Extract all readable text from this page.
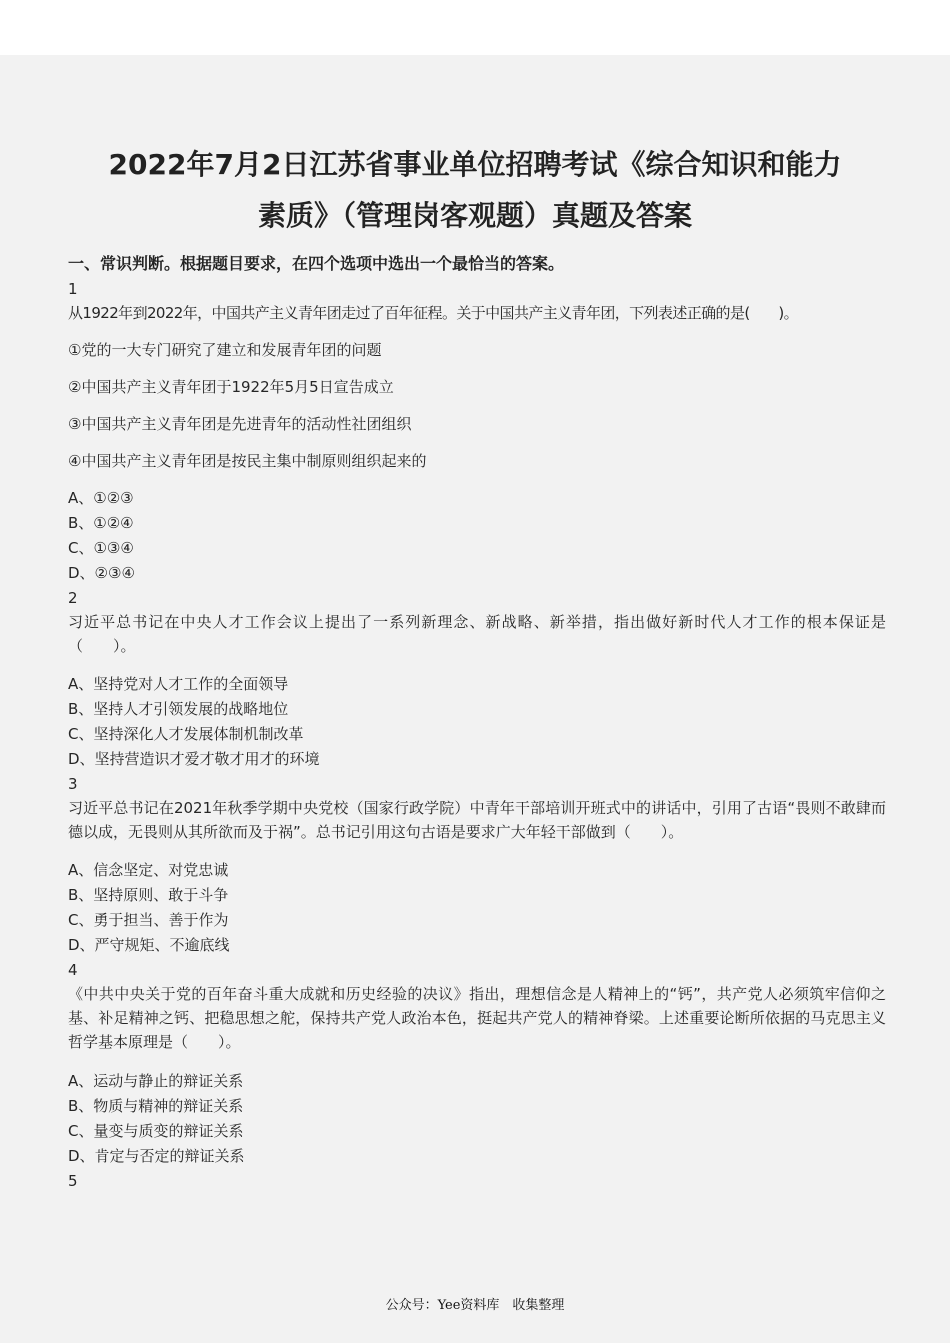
2022年7月2日江苏省事业单位招聘考试《综合知识和能力
素质》（管理岗客观题）真题及答案
一、常识判断。根据题目要求，在四个选项中选出一个最恰当的答案。
1
从1922年到2022年，中国共产主义青年团走过了百年征程。关于中国共产主义青年团，下列表述正确的是(　　)。
①党的一大专门研究了建立和发展青年团的问题
②中国共产主义青年团于1922年5月5日宣告成立
③中国共产主义青年团是先进青年的活动性社团组织
④中国共产主义青年团是按民主集中制原则组织起来的
A、①②③
B、①②④
C、①③④
D、②③④
2
习近平总书记在中央人才工作会议上提出了一系列新理念、新战略、新举措，指出做好新时代人才工作的根本保证是（　　）。
A、坚持党对人才工作的全面领导
B、坚持人才引领发展的战略地位
C、坚持深化人才发展体制机制改革
D、坚持营造识才爱才敬才用才的环境
3
习近平总书记在2021年秋季学期中央党校（国家行政学院）中青年干部培训开班式中的讲话中，引用了古语“畏则不敢肆而德以成，无畏则从其所欲而及于祸”。总书记引用这句古语是要求广大年轻干部做到（　　）。
A、信念坚定、对党忠诚
B、坚持原则、敢于斗争
C、勇于担当、善于作为
D、严守规矩、不逾底线
4
《中共中央关于党的百年奋斗重大成就和历史经验的决议》指出，理想信念是人精神上的“钙”，共产党人必须筑牢信仰之基、补足精神之钙、把稳思想之舵，保持共产党人政治本色，挺起共产党人的精神脊梁。上述重要论断所依据的马克思主义哲学基本原理是（　　）。
A、运动与静止的辩证关系
B、物质与精神的辩证关系
C、量变与质变的辩证关系
D、肯定与否定的辩证关系
5
公众号：Yee资料库　收集整理
